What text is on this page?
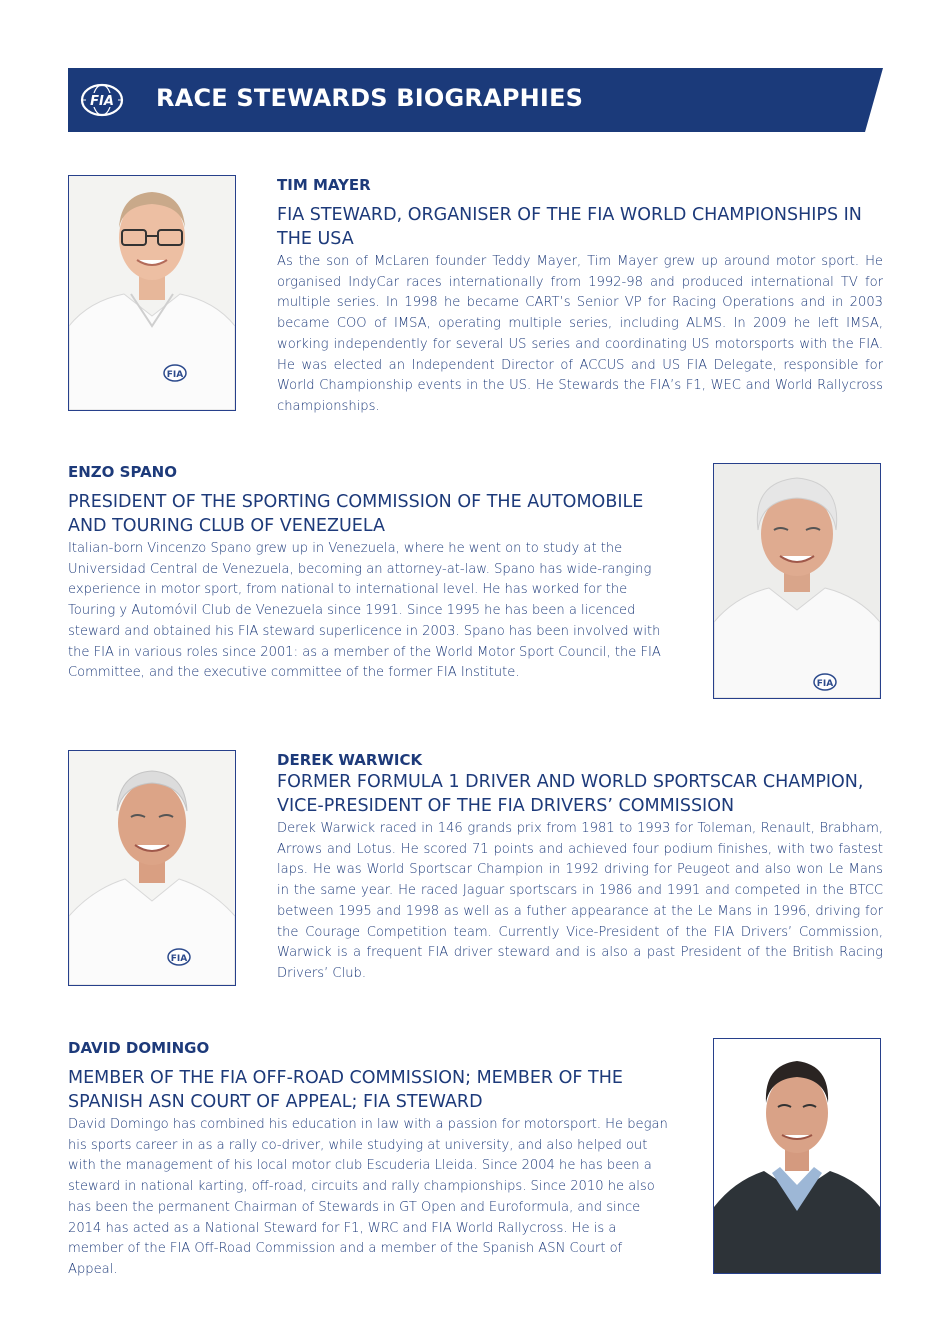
FIA RACE STEWARDS BIOGRAPHIES
FIA

TIM MAYER

FIA STEWARD, ORGANISER OF THE FIA WORLD CHAMPIONSHIPS IN THE USA

As the son of McLaren founder Teddy Mayer, Tim Mayer grew up around motor sport. He organised IndyCar races internationally from 1992-98 and produced international TV for multiple series. In 1998 he became CART’s Senior VP for Racing Operations and in 2003 became COO of IMSA, operating multiple series, including ALMS. In 2009 he left IMSA, working independently for several US series and coordinating US motorsports with the FIA. He was elected an Independent Director of ACCUS and US FIA Delegate, responsible for World Championship events in the US. He Stewards the FIA’s F1, WEC and World Rallycross championships.

ENZO SPANO

PRESIDENT OF THE SPORTING COMMISSION OF THE AUTOMOBILE AND TOURING CLUB OF VENEZUELA

Italian-born Vincenzo Spano grew up in Venezuela, where he went on to study at the Universidad Central de Venezuela, becoming an attorney-at-law. Spano has wide-ranging experience in motor sport, from national to international level. He has worked for the Touring y Automóvil Club de Venezuela since 1991. Since 1995 he has been a licenced steward and obtained his FIA steward superlicence in 2003. Spano has been involved with the FIA in various roles since 2001: as a member of the World Motor Sport Council, the FIA Committee, and the executive committee of the former FIA Institute.

FIA
FIA

DEREK WARWICK

FORMER FORMULA 1 DRIVER AND WORLD SPORTSCAR CHAMPION, VICE-PRESIDENT OF THE FIA DRIVERS’ COMMISSION

Derek Warwick raced in 146 grands prix from 1981 to 1993 for Toleman, Renault, Brabham, Arrows and Lotus. He scored 71 points and achieved four podium finishes, with two fastest laps. He was World Sportscar Champion in 1992 driving for Peugeot and also won Le Mans in the same year. He raced Jaguar sportscars in 1986 and 1991 and competed in the BTCC between 1995 and 1998 as well as a futher appearance at the Le Mans in 1996, driving for the Courage Competition team. Currently Vice-President of the FIA Drivers’ Commission, Warwick is a frequent FIA driver steward and is also a past President of the British Racing Drivers’ Club.

DAVID DOMINGO

MEMBER OF THE FIA OFF-ROAD COMMISSION; MEMBER OF THE SPANISH ASN COURT OF APPEAL; FIA STEWARD

David Domingo has combined his education in law with a passion for motorsport. He began his sports career in as a rally co-driver, while studying at university, and also helped out with the management of his local motor club Escuderia Lleida. Since 2004 he has been a steward in national karting, off-road, circuits and rally championships. Since 2010 he also has been the permanent Chairman of Stewards in GT Open and Euroformula, and since 2014 has acted as a National Steward for F1, WRC and FIA World Rallycross. He is a member of the FIA Off-Road Commission and a member of the Spanish ASN Court of Appeal.
